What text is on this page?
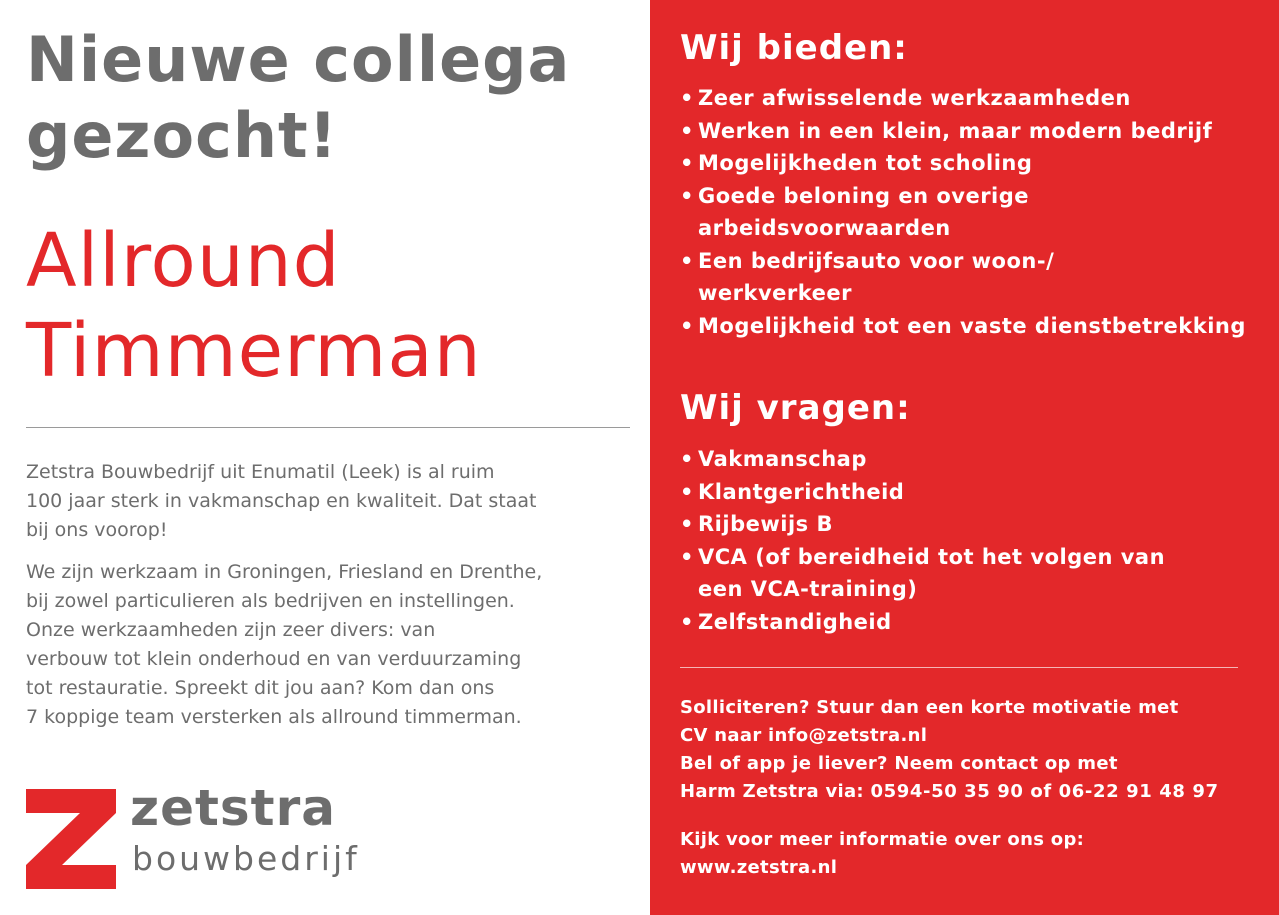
Nieuwe collega
gezocht!
Allround
Timmerman

Zetstra Bouwbedrijf uit Enumatil (Leek) is al ruim
100 jaar sterk in vakmanschap en kwaliteit. Dat staat
bij ons voorop!

We zijn werkzaam in Groningen, Friesland en Drenthe,
bij zowel particulieren als bedrijven en instellingen.
Onze werkzaamheden zijn zeer divers: van
verbouw tot klein onderhoud en van verduurzaming
tot restauratie. Spreekt dit jou aan? Kom dan ons
7 koppige team versterken als allround timmerman.

zetstra
bouwbedrijf
Wij bieden:
• Zeer afwisselende werkzaamheden
• Werken in een klein, maar modern bedrijf
• Mogelijkheden tot scholing
• Goede beloning en overige
arbeidsvoorwaarden
• Een bedrijfsauto voor woon-/
werkverkeer
• Mogelijkheid tot een vaste dienstbetrekking
Wij vragen:
• Vakmanschap
• Klantgerichtheid
• Rijbewijs B
• VCA (of bereidheid tot het volgen van
een VCA-training)
• Zelfstandigheid

Solliciteren? Stuur dan een korte motivatie met
CV naar info@zetstra.nl
Bel of app je liever? Neem contact op met
Harm Zetstra via: 0594-50 35 90 of 06-22 91 48 97

Kijk voor meer informatie over ons op:
www.zetstra.nl
